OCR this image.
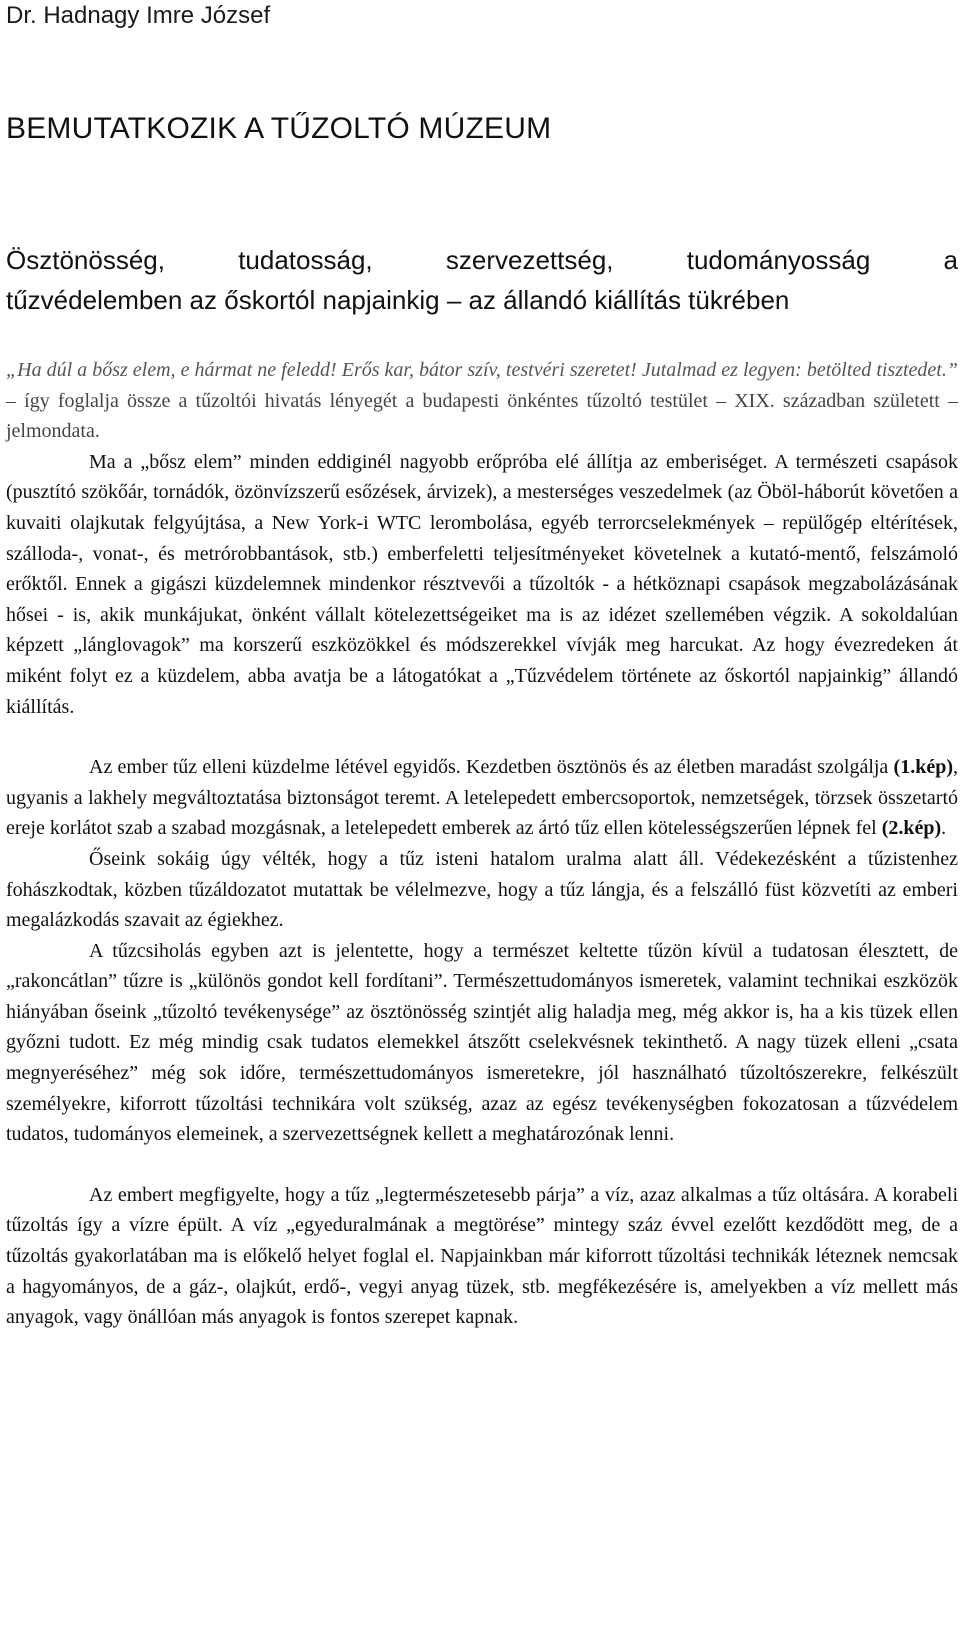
Dr. Hadnagy Imre József
BEMUTATKOZIK A TŰZOLTÓ MÚZEUM
Ösztönösség, tudatosság, szervezettség, tudományosság a
tűzvédelemben az őskortól napjainkig – az állandó kiállítás tükrében

„Ha dúl a bősz elem, e hármat ne feledd! Erős kar, bátor szív, testvéri szeretet! Jutalmad ez legyen: betölted tisztedet.” – így foglalja össze a tűzoltói hivatás lényegét a budapesti önkéntes tűzoltó testület – XIX. században született – jelmondata.

Ma a „bősz elem” minden eddiginél nagyobb erőpróba elé állítja az emberiséget. A természeti csapások (pusztító szökőár, tornádók, özönvízszerű esőzések, árvizek), a mesterséges veszedelmek (az Öböl-háborút követően a kuvaiti olajkutak felgyújtása, a New York-i WTC lerombolása, egyéb terrorcselekmények – repülőgép eltérítések, szálloda-, vonat-, és metrórobbantások, stb.) emberfeletti teljesítményeket követelnek a kutató-mentő, felszámoló erőktől. Ennek a gigászi küzdelemnek mindenkor résztvevői a tűzoltók - a hétköznapi csapások megzabolázásának hősei - is, akik munkájukat, önként vállalt kötelezettségeiket ma is az idézet szellemében végzik. A sokoldalúan képzett „lánglovagok” ma korszerű eszközökkel és módszerekkel vívják meg harcukat. Az hogy évezredeken át miként folyt ez a küzdelem, abba avatja be a látogatókat a „Tűzvédelem története az őskortól napjainkig” állandó kiállítás.

Az ember tűz elleni küzdelme létével egyidős. Kezdetben ösztönös és az életben maradást szolgálja (1.kép), ugyanis a lakhely megváltoztatása biztonságot teremt. A letelepedett embercsoportok, nemzetségek, törzsek összetartó ereje korlátot szab a szabad mozgásnak, a letelepedett emberek az ártó tűz ellen kötelességszerűen lépnek fel (2.kép).

Őseink sokáig úgy vélték, hogy a tűz isteni hatalom uralma alatt áll. Védekezésként a tűzistenhez fohászkodtak, közben tűzáldozatot mutattak be vélelmezve, hogy a tűz lángja, és a felszálló füst közvetíti az emberi megalázkodás szavait az égiekhez.

A tűzcsiholás egyben azt is jelentette, hogy a természet keltette tűzön kívül a tudatosan élesztett, de „rakoncátlan” tűzre is „különös gondot kell fordítani”. Természettudományos ismeretek, valamint technikai eszközök hiányában őseink „tűzoltó tevékenysége” az ösztönösség szintjét alig haladja meg, még akkor is, ha a kis tüzek ellen győzni tudott. Ez még mindig csak tudatos elemekkel átszőtt cselekvésnek tekinthető. A nagy tüzek elleni „csata megnyeréséhez” még sok időre, természettudományos ismeretekre, jól használható tűzoltószerekre, felkészült személyekre, kiforrott tűzoltási technikára volt szükség, azaz az egész tevékenységben fokozatosan a tűzvédelem tudatos, tudományos elemeinek, a szervezettségnek kellett a meghatározónak lenni.

Az embert megfigyelte, hogy a tűz „legtermészetesebb párja” a víz, azaz alkalmas a tűz oltására. A korabeli tűzoltás így a vízre épült. A víz „egyeduralmának a megtörése” mintegy száz évvel ezelőtt kezdődött meg, de a tűzoltás gyakorlatában ma is előkelő helyet foglal el. Napjainkban már kiforrott tűzoltási technikák léteznek nemcsak a hagyományos, de a gáz-, olajkút, erdő-, vegyi anyag tüzek, stb. megfékezésére is, amelyekben a víz mellett más anyagok, vagy önállóan más anyagok is fontos szerepet kapnak.
